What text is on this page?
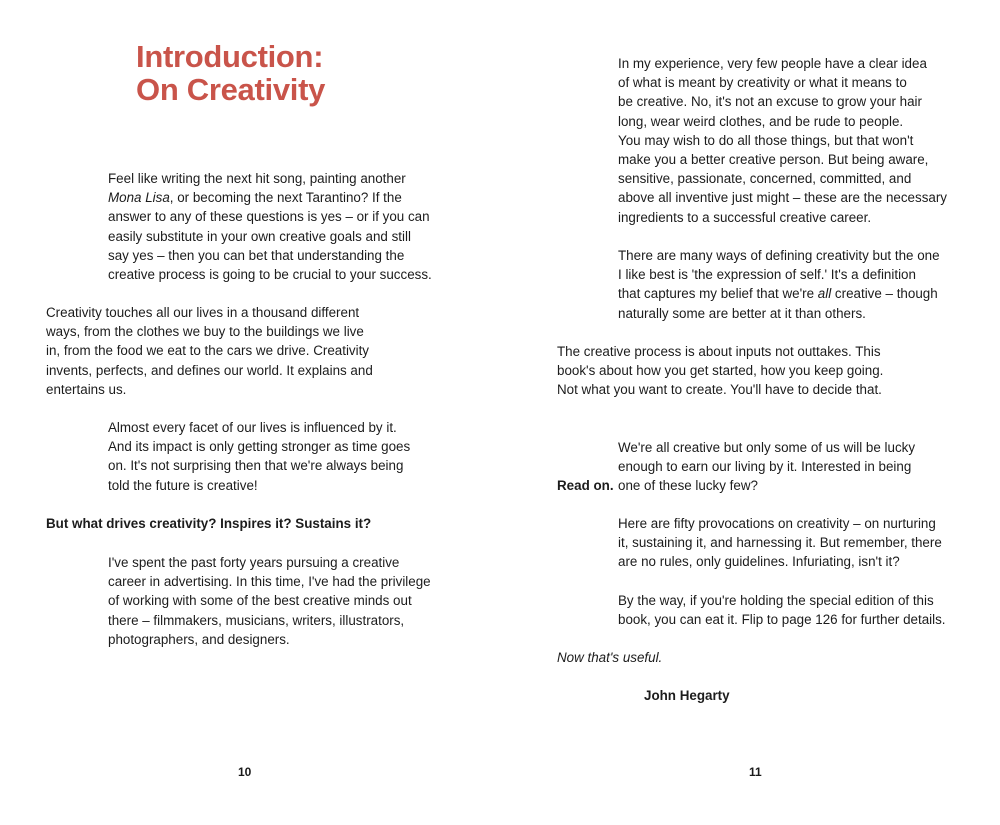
Introduction:
On Creativity

Feel like writing the next hit song, painting another
Mona Lisa, or becoming the next Tarantino? If the
answer to any of these questions is yes – or if you can
easily substitute in your own creative goals and still
say yes – then you can bet that understanding the
creative process is going to be crucial to your success.

Creativity touches all our lives in a thousand different
ways, from the clothes we buy to the buildings we live
in, from the food we eat to the cars we drive. Creativity
invents, perfects, and defines our world. It explains and
entertains us.

Almost every facet of our lives is influenced by it.
And its impact is only getting stronger as time goes
on. It's not surprising then that we're always being
told the future is creative!

But what drives creativity? Inspires it? Sustains it?

I've spent the past forty years pursuing a creative
career in advertising. In this time, I've had the privilege
of working with some of the best creative minds out
there – filmmakers, musicians, writers, illustrators,
photographers, and designers.

10

In my experience, very few people have a clear idea
of what is meant by creativity or what it means to
be creative. No, it's not an excuse to grow your hair
long, wear weird clothes, and be rude to people.
You may wish to do all those things, but that won't
make you a better creative person. But being aware,
sensitive, passionate, concerned, committed, and
above all inventive just might – these are the necessary
ingredients to a successful creative career.

There are many ways of defining creativity but the one
I like best is 'the expression of self.' It's a definition
that captures my belief that we're all creative – though
naturally some are better at it than others.

The creative process is about inputs not outtakes. This
book's about how you get started, how you keep going.
Not what you want to create. You'll have to decide that.

We're all creative but only some of us will be lucky
enough to earn our living by it. Interested in being
one of these lucky few?

Read on.

Here are fifty provocations on creativity – on nurturing
it, sustaining it, and harnessing it. But remember, there
are no rules, only guidelines. Infuriating, isn't it?

By the way, if you're holding the special edition of this
book, you can eat it. Flip to page 126 for further details.

Now that's useful.

John Hegarty

11
